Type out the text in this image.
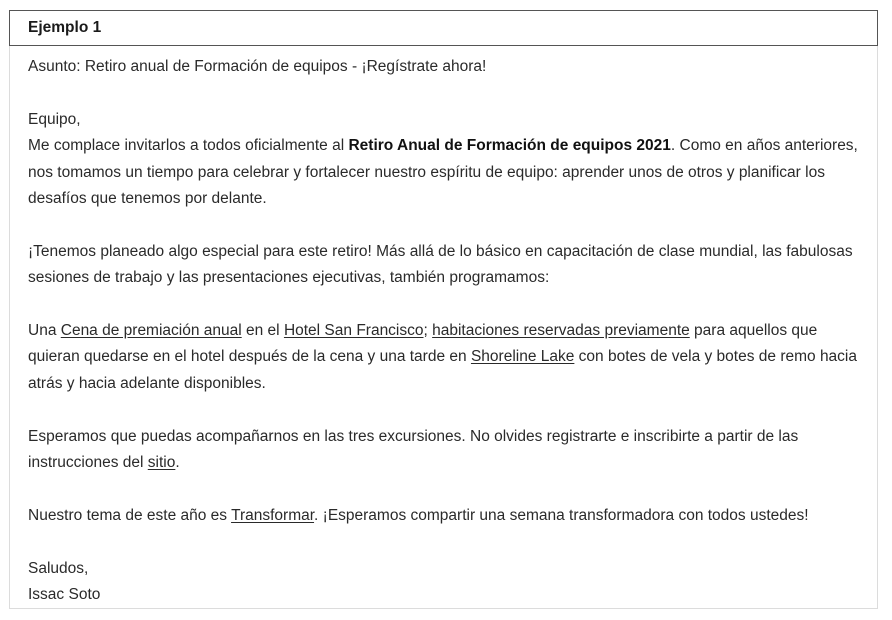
Ejemplo 1

Asunto: Retiro anual de Formación de equipos - ¡Regístrate ahora!

Equipo,

Me complace invitarlos a todos oficialmente al Retiro Anual de Formación de equipos 2021. Como en años anteriores, nos tomamos un tiempo para celebrar y fortalecer nuestro espíritu de equipo: aprender unos de otros y planificar los desafíos que tenemos por delante.

¡Tenemos planeado algo especial para este retiro! Más allá de lo básico en capacitación de clase mundial, las fabulosas sesiones de trabajo y las presentaciones ejecutivas, también programamos:

Una Cena de premiación anual en el Hotel San Francisco; habitaciones reservadas previamente para aquellos que quieran quedarse en el hotel después de la cena y una tarde en Shoreline Lake con botes de vela y botes de remo hacia atrás y hacia adelante disponibles.

Esperamos que puedas acompañarnos en las tres excursiones. No olvides registrarte e inscribirte a partir de las instrucciones del sitio.

Nuestro tema de este año es Transformar. ¡Esperamos compartir una semana transformadora con todos ustedes!

Saludos,

Issac Soto
